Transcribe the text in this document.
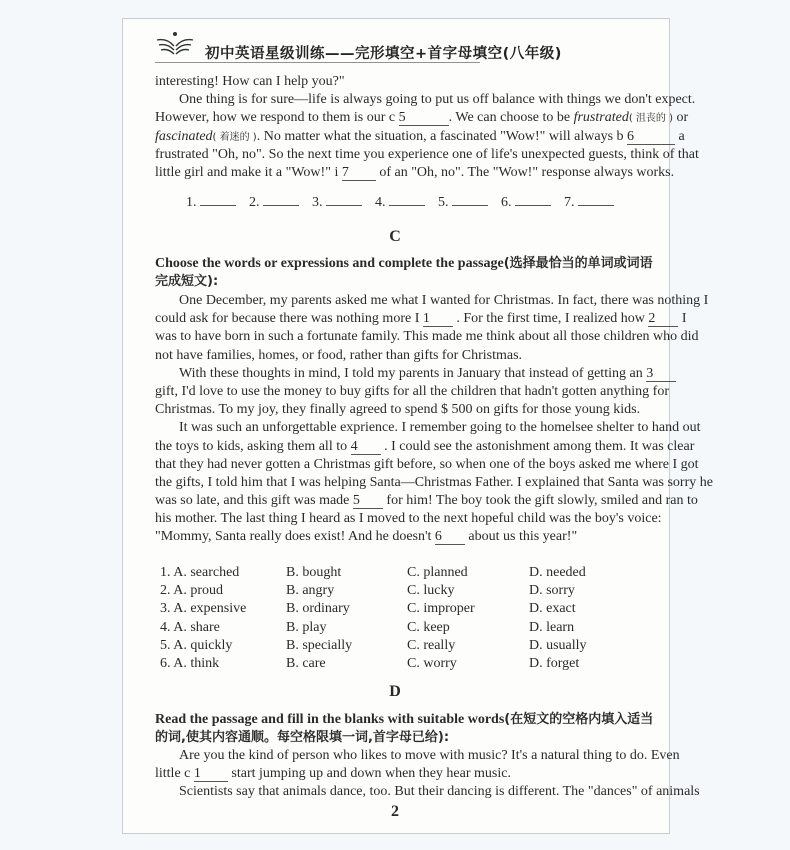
初中英语星级训练——完形填空+首字母填空(八年级)
interesting! How can I help you?"
One thing is for sure—life is always going to put us off balance with things we don't expect.
However, how we respond to them is our c 5	. We can choose to be frustrated( 沮丧的 ) or
fascinated( 着迷的 ). No matter what the situation, a fascinated "Wow!" will always b 6	a
frustrated "Oh, no". So the next time you experience one of life's unexpected guests, think of that
little girl and make it a "Wow!" i 7 of an "Oh, no". The "Wow!" response always works.
1.	2.	3.	4.	5.	6.	7.
C
Choose the words or expressions and complete the passage(选择最恰当的单词或词语
完成短文):
One December, my parents asked me what I wanted for Christmas. In fact, there was nothing I
could ask for because there was nothing more I 1 . For the first time, I realized how 2 I
was to have born in such a fortunate family. This made me think about all those children who did
not have families, homes, or food, rather than gifts for Christmas.
With these thoughts in mind, I told my parents in January that instead of getting an 3
gift, I'd love to use the money to buy gifts for all the children that hadn't gotten anything for
Christmas. To my joy, they finally agreed to spend $ 500 on gifts for those young kids.
It was such an unforgettable exprience. I remember going to the homelsee shelter to hand out
the toys to kids, asking them all to 4 . I could see the astonishment among them. It was clear
that they had never gotten a Christmas gift before, so when one of the boys asked me where I got
the gifts, I told him that I was helping Santa—Christmas Father. I explained that Santa was sorry he
was so late, and this gift was made 5 for him! The boy took the gift slowly, smiled and ran to
his mother. The last thing I heard as I moved to the next hopeful child was the boy's voice:
"Mommy, Santa really does exist! And he doesn't 6 about us this year!"
1. A. searched	B. bought	C. planned	D. needed
2. A. proud	B. angry	C. lucky	D. sorry
3. A. expensive	B. ordinary	C. improper	D. exact
4. A. share	B. play	C. keep	D. learn
5. A. quickly	B. specially	C. really	D. usually
6. A. think	B. care	C. worry	D. forget
D
Read the passage and fill in the blanks with suitable words(在短文的空格内填入适当
的词,使其内容通顺。每空格限填一词,首字母已给):
Are you the kind of person who likes to move with music? It's a natural thing to do. Even
little c 1 start jumping up and down when they hear music.
Scientists say that animals dance, too. But their dancing is different. The "dances" of animals
2
